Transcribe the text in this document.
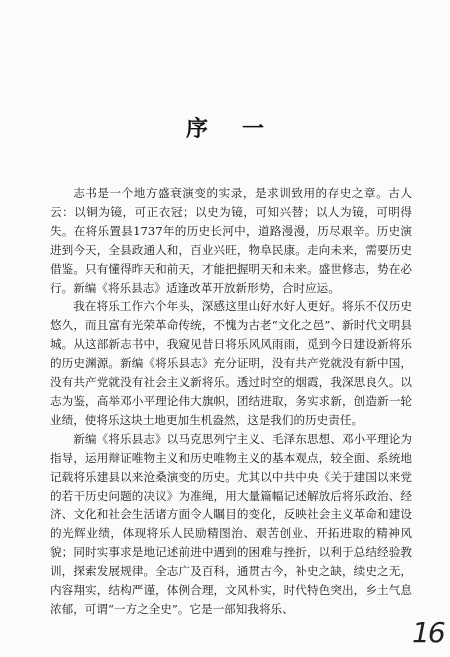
序一

志书是一个地方盛衰演变的实录，是求训致用的存史之章。古人云：以铜为镜，可正衣冠；以史为镜，可知兴替；以人为镜，可明得失。在将乐置县1737年的历史长河中，道路漫漫，历尽艰辛。历史演进到今天，全县政通人和，百业兴旺，物阜民康。走向未来，需要历史借鉴。只有懂得昨天和前天，才能把握明天和未来。盛世修志，势在必行。新编《将乐县志》适逢改革开放新形势，合时应运。

我在将乐工作六个年头，深感这里山好水好人更好。将乐不仅历史悠久，而且富有光荣革命传统，不愧为古老“文化之邑”、新时代文明县城。从这部新志书中，我窥见昔日将乐风风雨雨，觅到今日建设新将乐的历史渊源。新编《将乐县志》充分证明，没有共产党就没有新中国，没有共产党就没有社会主义新将乐。透过时空的烟霞，我深思良久。以志为鉴，高举邓小平理论伟大旗帜，团结进取，务实求新，创造新一轮业绩，使将乐这块土地更加生机盎然，这是我们的历史责任。

新编《将乐县志》以马克思列宁主义、毛泽东思想、邓小平理论为指导，运用辩证唯物主义和历史唯物主义的基本观点，较全面、系统地记载将乐建县以来沧桑演变的历史。尤其以中共中央《关于建国以来党的若干历史问题的决议》为准绳，用大量篇幅记述解放后将乐政治、经济、文化和社会生活诸方面令人瞩目的变化，反映社会主义革命和建设的光辉业绩，体现将乐人民励精图治、艰苦创业、开拓进取的精神风貌；同时实事求是地记述前进中遇到的困难与挫折，以利于总结经验教训，探索发展规律。全志广及百科，通贯古今，补史之缺，续史之无，内容翔实，结构严谨，体例合理，文风朴实，时代特色突出，乡土气息浓郁，可谓“一方之全史”。它是一部知我将乐、

16
